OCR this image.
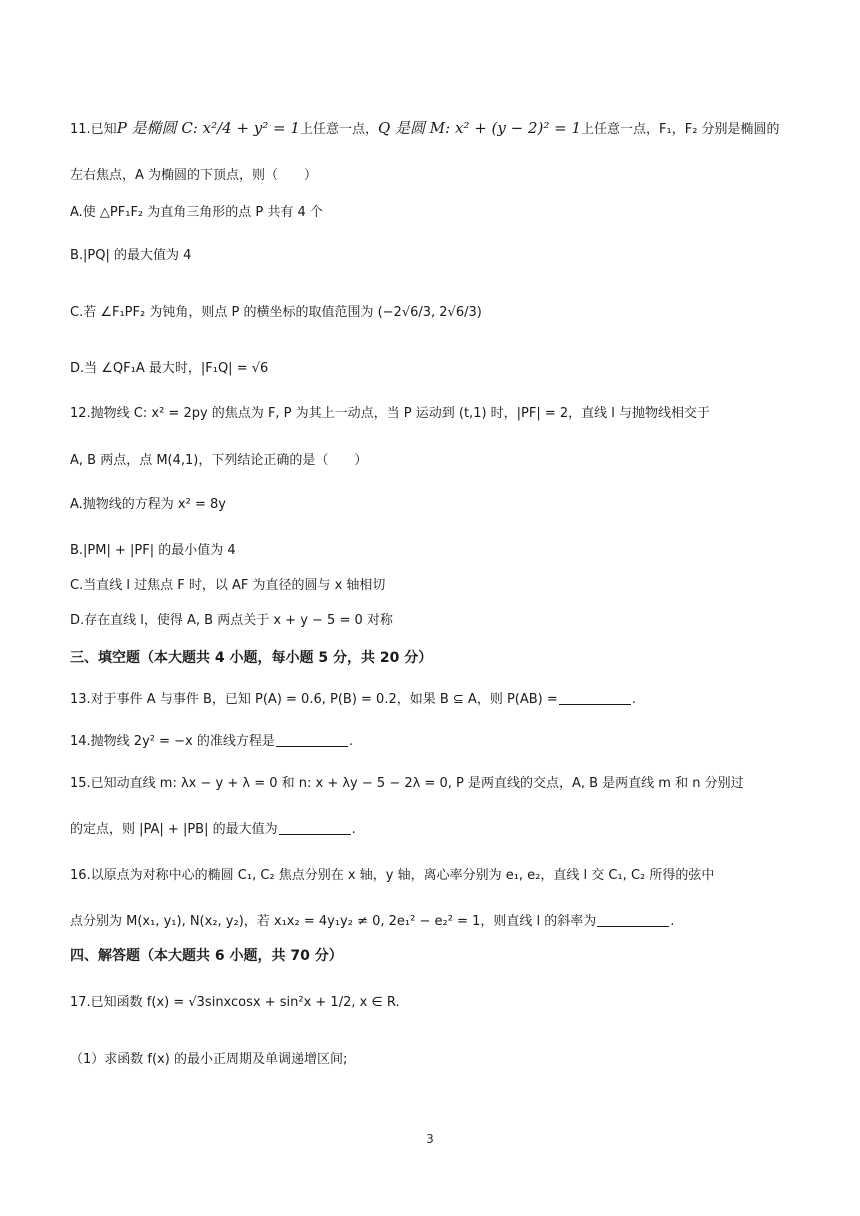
11.已知P 是椭圆 C: x²/4 + y² = 1上任意一点，Q 是圆 M: x² + (y − 2)² = 1上任意一点，F₁，F₂ 分别是椭圆的
左右焦点，A 为椭圆的下顶点，则（　　）
A.使 △PF₁F₂ 为直角三角形的点 P 共有 4 个
B.|PQ| 的最大值为 4
C.若 ∠F₁PF₂ 为钝角，则点 P 的横坐标的取值范围为 (−2√6/3, 2√6/3)
D.当 ∠QF₁A 最大时，|F₁Q| = √6
12.抛物线 C: x² = 2py 的焦点为 F, P 为其上一动点，当 P 运动到 (t,1) 时，|PF| = 2，直线 l 与抛物线相交于
A, B 两点，点 M(4,1)，下列结论正确的是（　　）
A.抛物线的方程为 x² = 8y
B.|PM| + |PF| 的最小值为 4
C.当直线 l 过焦点 F 时，以 AF 为直径的圆与 x 轴相切
D.存在直线 l，使得 A, B 两点关于 x + y − 5 = 0 对称
三、填空题（本大题共 4 小题，每小题 5 分，共 20 分）
13.对于事件 A 与事件 B，已知 P(A) = 0.6, P(B) = 0.2，如果 B ⊆ A，则 P(AB) =	.
14.抛物线 2y² = −x 的准线方程是	.
15.已知动直线 m: λx − y + λ = 0 和 n: x + λy − 5 − 2λ = 0, P 是两直线的交点，A, B 是两直线 m 和 n 分别过
的定点，则 |PA| + |PB| 的最大值为	.
16.以原点为对称中心的椭圆 C₁, C₂ 焦点分别在 x 轴，y 轴，离心率分别为 e₁, e₂，直线 l 交 C₁, C₂ 所得的弦中
点分别为 M(x₁, y₁), N(x₂, y₂)，若 x₁x₂ = 4y₁y₂ ≠ 0, 2e₁² − e₂² = 1，则直线 l 的斜率为	.
四、解答题（本大题共 6 小题，共 70 分）
17.已知函数 f(x) = √3sinxcosx + sin²x + 1/2, x ∈ R.
（1）求函数 f(x) 的最小正周期及单调递增区间;
3
